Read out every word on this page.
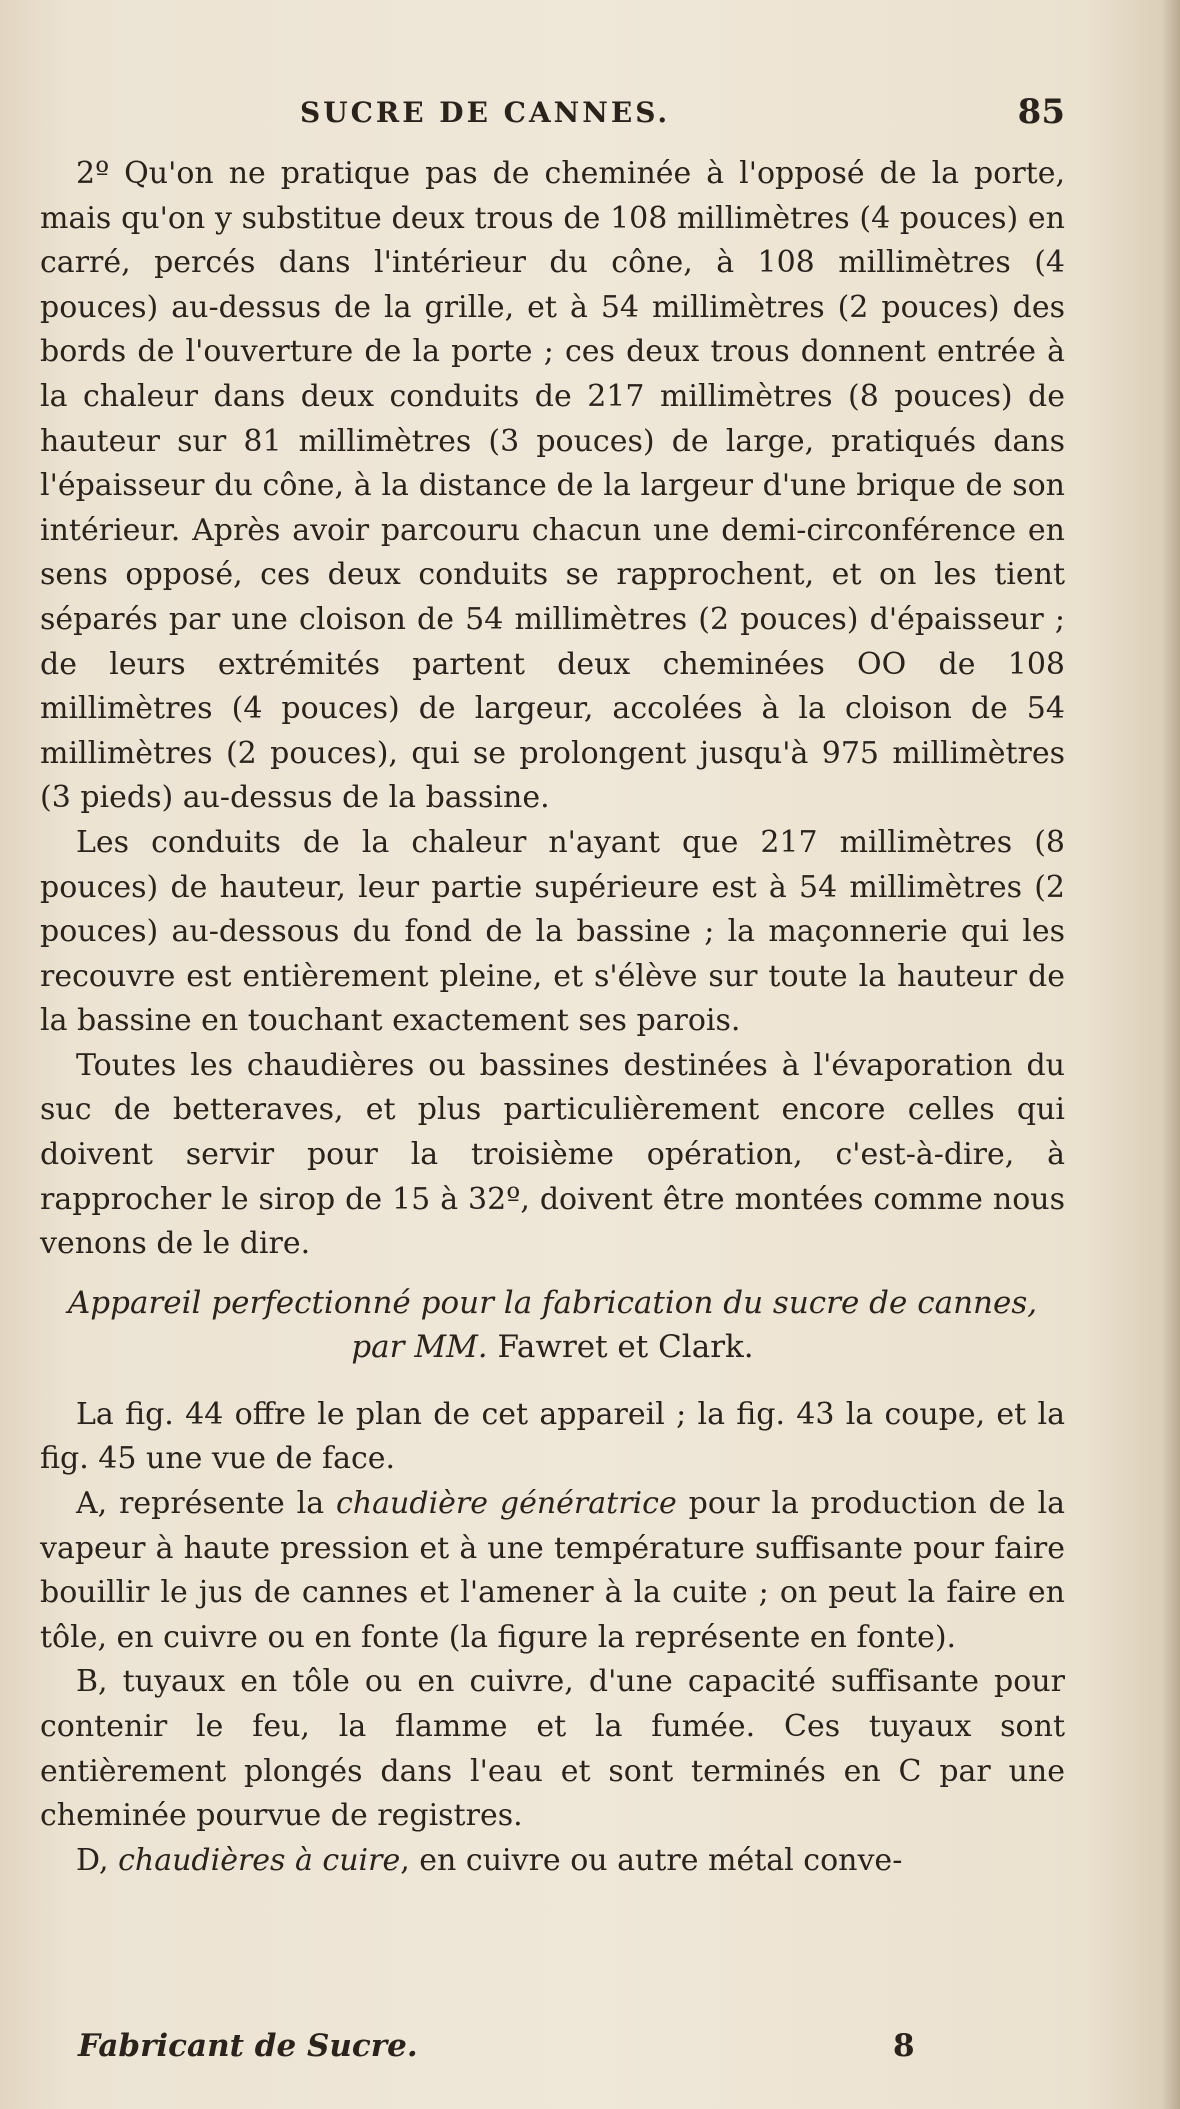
SUCRE DE CANNES.	85

2º Qu'on ne pratique pas de cheminée à l'opposé de la porte, mais qu'on y substitue deux trous de 108 millimètres (4 pouces) en carré, percés dans l'intérieur du cône, à 108 millimètres (4 pouces) au-dessus de la grille, et à 54 millimètres (2 pouces) des bords de l'ouverture de la porte ; ces deux trous donnent entrée à la chaleur dans deux conduits de 217 millimètres (8 pouces) de hauteur sur 81 millimètres (3 pouces) de large, pratiqués dans l'épaisseur du cône, à la distance de la largeur d'une brique de son intérieur. Après avoir parcouru chacun une demi-circonférence en sens opposé, ces deux conduits se rapprochent, et on les tient séparés par une cloison de 54 millimètres (2 pouces) d'épaisseur ; de leurs extrémités partent deux cheminées OO de 108 millimètres (4 pouces) de largeur, accolées à la cloison de 54 millimètres (2 pouces), qui se prolongent jusqu'à 975 millimètres (3 pieds) au-dessus de la bassine.

Les conduits de la chaleur n'ayant que 217 millimètres (8 pouces) de hauteur, leur partie supérieure est à 54 millimètres (2 pouces) au-dessous du fond de la bassine ; la maçonnerie qui les recouvre est entièrement pleine, et s'élève sur toute la hauteur de la bassine en touchant exactement ses parois.

Toutes les chaudières ou bassines destinées à l'évaporation du suc de betteraves, et plus particulièrement encore celles qui doivent servir pour la troisième opération, c'est-à-dire, à rapprocher le sirop de 15 à 32º, doivent être montées comme nous venons de le dire.

Appareil perfectionné pour la fabrication du sucre de cannes,
par MM. Fawret et Clark.

La fig. 44 offre le plan de cet appareil ; la fig. 43 la coupe, et la fig. 45 une vue de face.

A, représente la chaudière génératrice pour la production de la vapeur à haute pression et à une température suffisante pour faire bouillir le jus de cannes et l'amener à la cuite ; on peut la faire en tôle, en cuivre ou en fonte (la figure la représente en fonte).

B, tuyaux en tôle ou en cuivre, d'une capacité suffisante pour contenir le feu, la flamme et la fumée. Ces tuyaux sont entièrement plongés dans l'eau et sont terminés en C par une cheminée pourvue de registres.

D, chaudières à cuire, en cuivre ou autre métal conve-

Fabricant de Sucre.	8
